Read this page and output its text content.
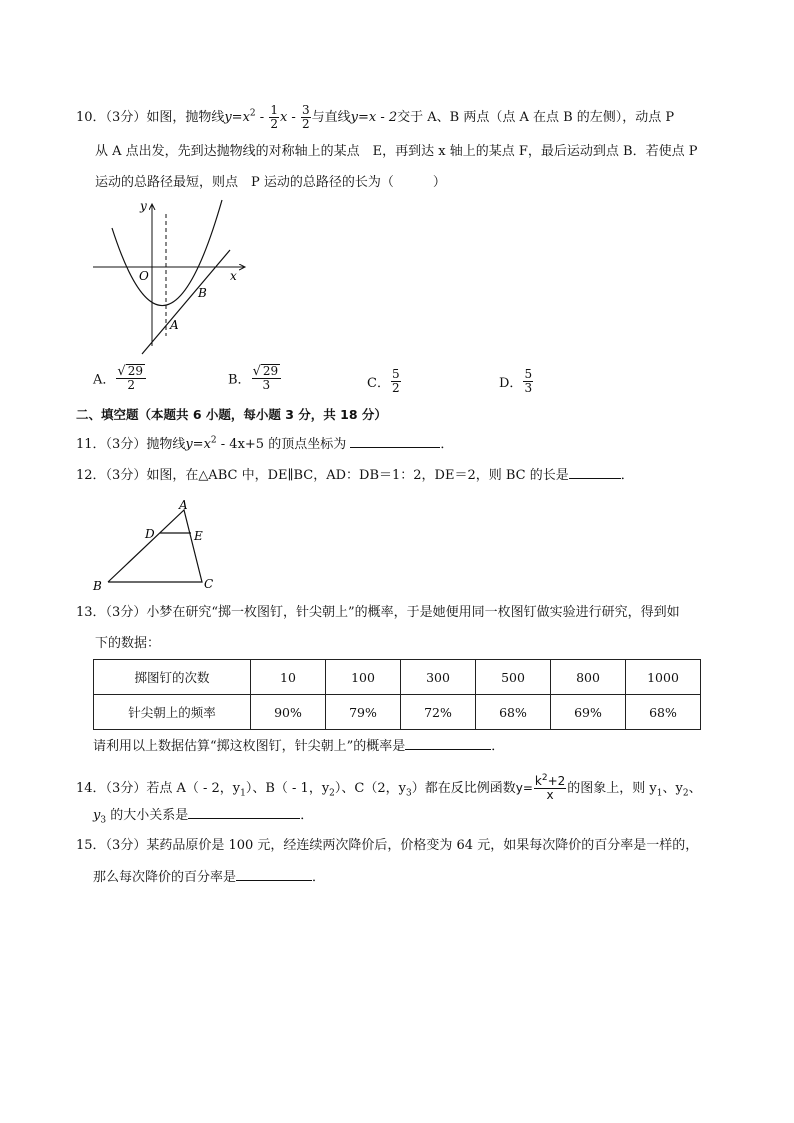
10．（3分）如图，抛物线$y=x^2 - \frac{1}{2}$ x - $\frac{3}{2}$ 与直线y=x - 2交于 A、B 两点（点 A 在点 B 的左侧），动点 P
从 A 点出发，先到达抛物线的对称轴上的某点　E，再到达 x 轴上的某点 F，最后运动到点 B．若使点 P
运动的总路径最短，则点　P 运动的总路径的长为（　　　）
y
x
O
A
B
A． $\frac{√ 29}{2}$	B． $\frac{√ 29}{3}$	C． $\frac{5}{2}$	D． $\frac{5}{3}$
二、填空题（本题共 6 小题，每小题 3 分，共 18 分）
11．（3分）抛物线$y=x^2 - 4x+5$ 的顶点坐标为	．
12．（3分）如图，在△ABC 中，DE∥BC，AD：DB＝1：2，DE＝2，则 BC 的长是	．
A
D	E
B	C
13．（3分）小梦在研究“掷一枚图钉，针尖朝上”的概率，于是她便用同一枚图钉做实验进行研究，得到如
下的数据：
掷图钉的次数	10	100	300	500	800	1000
针尖朝上的频率	90%	79%	72%	68%	69%	68%
请利用以上数据估算“掷这枚图钉，针尖朝上”的概率是	．
14．（3分）若点 A（ - 2，$y_1$）、B（ - 1，$y_2$）、C（2，$y_3$）都在反比例函数$y= \frac{k^2+2}{x}$ 的图象上，则 $y_1$、$y_2$、
$y_3$ 的大小关系是	．
15．（3分）某药品原价是 100 元，经连续两次降价后，价格变为 64 元，如果每次降价的百分率是一样的，
那么每次降价的百分率是	．
